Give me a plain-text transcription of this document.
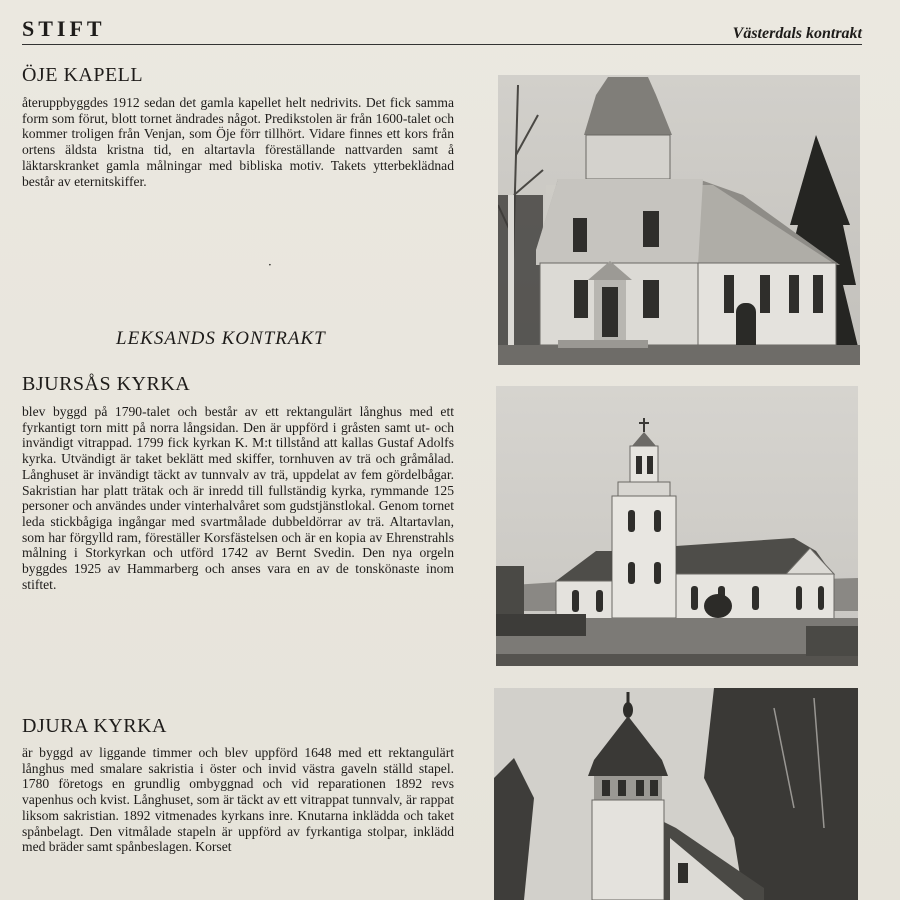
STIFT	Västerdals kontrakt
ÖJE KAPELL

återuppbyggdes 1912 sedan det gamla kapellet helt nedrivits. Det fick samma form som förut, blott tornet ändrades något. Predikstolen är från 1600-talet och kommer troligen från Venjan, som Öje förr tillhört. Vidare finnes ett kors från ortens äldsta kristna tid, en altartavla föreställande nattvarden samt å läktarskranket gamla målningar med bibliska motiv. Takets ytterbeklädnad består av eternitskiffer.

·
LEKSANDS KONTRAKT
BJURSÅS KYRKA

blev byggd på 1790-talet och består av ett rektangulärt långhus med ett fyrkantigt torn mitt på norra långsidan. Den är uppförd i gråsten samt ut- och invändigt vitrappad. 1799 fick kyrkan K. M:t tillstånd att kallas Gustaf Adolfs kyrka. Utvändigt är taket beklätt med skiffer, tornhuven av trä och gråmålad. Långhuset är invändigt täckt av tunnvalv av trä, uppdelat av fem gördelbågar. Sakristian har platt trätak och är inredd till fullständig kyrka, rymmande 125 personer och användes under vinterhalvåret som gudstjänstlokal. Genom tornet leda stickbågiga ingångar med svartmålade dubbeldörrar av trä. Altartavlan, som har förgylld ram, föreställer Korsfästelsen och är en kopia av Ehrenstrahls målning i Storkyrkan och utförd 1742 av Bernt Svedin. Den nya orgeln byggdes 1925 av Hammarberg och anses vara en av de tonskönaste inom stiftet.

DJURA KYRKA

är byggd av liggande timmer och blev uppförd 1648 med ett rektangulärt långhus med smalare sakristia i öster och invid västra gaveln ställd stapel. 1780 företogs en grundlig ombyggnad och vid reparationen 1892 revs vapenhus och kvist. Långhuset, som är täckt av ett vitrappat tunnvalv, är rappat liksom sakristian. 1892 vitmenades kyrkans inre. Knutarna inklädda och taket spånbelagt. Den vitmålade stapeln är uppförd av fyrkantiga stolpar, inklädd med bräder samt spånbeslagen. Korset
